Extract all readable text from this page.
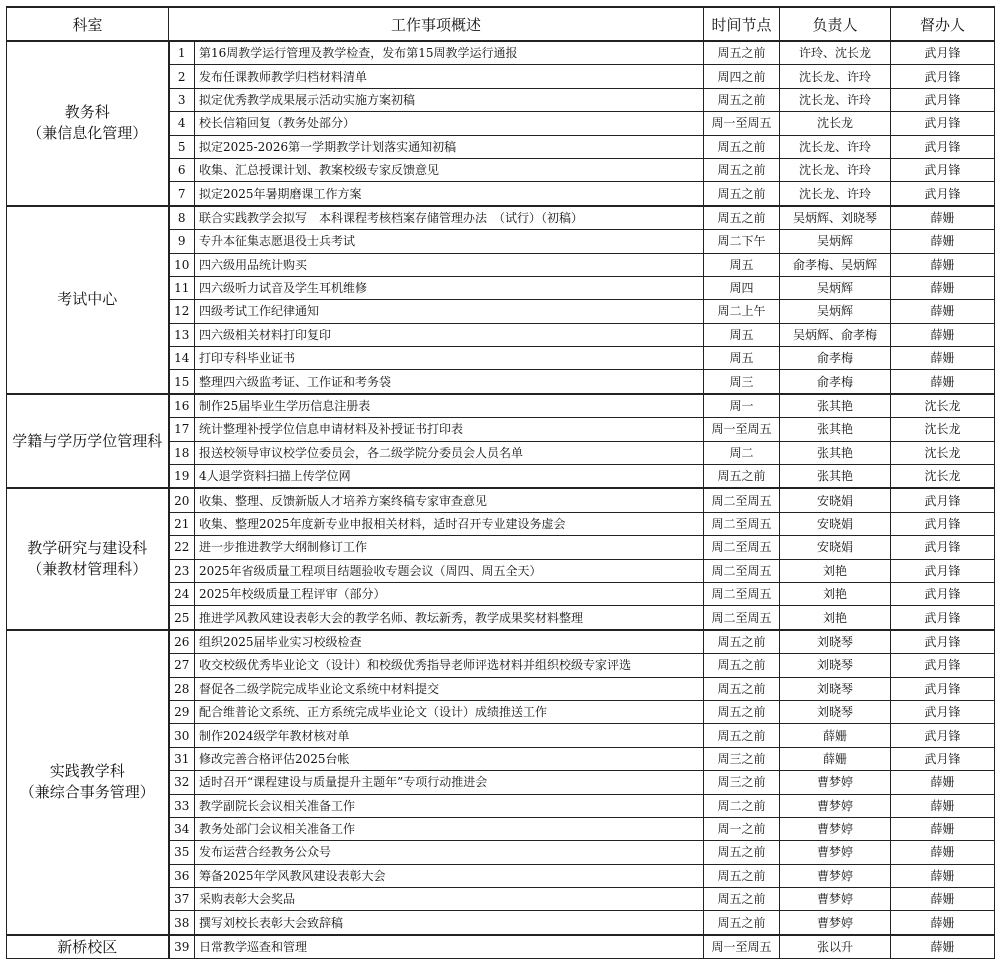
科室	工作事项概述		时间节点	负责人	督办人

教务科
（兼信息化管理）	1	第16周教学运行管理及教学检查，发布第15周教学运行通报	周五之前	许玲、沈长龙	武月锋
	2	发布任课教师教学归档材料清单	周四之前	沈长龙、许玲	武月锋
	3	拟定优秀教学成果展示活动实施方案初稿	周五之前	沈长龙、许玲	武月锋
	4	校长信箱回复（教务处部分）	周一至周五	沈长龙	武月锋
	5	拟定2025-2026第一学期教学计划落实通知初稿	周五之前	沈长龙、许玲	武月锋
	6	收集、汇总授课计划、教案校级专家反馈意见	周五之前	沈长龙、许玲	武月锋
	7	拟定2025年暑期磨课工作方案	周五之前	沈长龙、许玲	武月锋

考试中心	8	联合实践教学会拟写　本科课程考核档案存储管理办法　（试行）（初稿）	周五之前	吴炳辉、刘晓琴	薛姗
	9	专升本征集志愿退役士兵考试	周二下午	吴炳辉	薛姗
	10	四六级用品统计购买	周五	俞孝梅、吴炳辉	薛姗
	11	四六级听力试音及学生耳机维修	周四	吴炳辉	薛姗
	12	四级考试工作纪律通知	周二上午	吴炳辉	薛姗
	13	四六级相关材料打印复印	周五	吴炳辉、俞孝梅	薛姗
	14	打印专科毕业证书	周五	俞孝梅	薛姗
	15	整理四六级监考证、工作证和考务袋	周三	俞孝梅	薛姗

学籍与学历学位管理科	16	制作25届毕业生学历信息注册表	周一	张其艳	沈长龙
	17	统计整理补授学位信息申请材料及补授证书打印表	周一至周五	张其艳	沈长龙
	18	报送校领导审议校学位委员会，各二级学院分委员会人员名单	周二	张其艳	沈长龙
	19	4人退学资料扫描上传学位网	周五之前	张其艳	沈长龙

教学研究与建设科
（兼教材管理科）	20	收集、整理、反馈新版人才培养方案终稿专家审查意见	周二至周五	安晓娟	武月锋
	21	收集、整理2025年度新专业申报相关材料，适时召开专业建设务虚会	周二至周五	安晓娟	武月锋
	22	进一步推进教学大纲制修订工作	周二至周五	安晓娟	武月锋
	23	2025年省级质量工程项目结题验收专题会议（周四、周五全天）	周二至周五	刘艳	武月锋
	24	2025年校级质量工程评审（部分）	周二至周五	刘艳	武月锋
	25	推进学风教风建设表彰大会的教学名师、教坛新秀，教学成果奖材料整理	周二至周五	刘艳	武月锋

实践教学科
（兼综合事务管理）	26	组织2025届毕业实习校级检查	周五之前	刘晓琴	武月锋
	27	收交校级优秀毕业论文（设计）和校级优秀指导老师评选材料并组织校级专家评选	周五之前	刘晓琴	武月锋
	28	督促各二级学院完成毕业论文系统中材料提交	周五之前	刘晓琴	武月锋
	29	配合维普论文系统、正方系统完成毕业论文（设计）成绩推送工作	周五之前	刘晓琴	武月锋
	30	制作2024级学年教材核对单	周五之前	薛姗	武月锋
	31	修改完善合格评估2025台帐	周三之前	薛姗	武月锋
	32	适时召开“课程建设与质量提升主题年”专项行动推进会	周三之前	曹梦婷	薛姗
	33	教学副院长会议相关准备工作	周二之前	曹梦婷	薛姗
	34	教务处部门会议相关准备工作	周一之前	曹梦婷	薛姗
	35	发布运营合经教务公众号	周五之前	曹梦婷	薛姗
	36	筹备2025年学风教风建设表彰大会	周五之前	曹梦婷	薛姗
	37	采购表彰大会奖品	周五之前	曹梦婷	薛姗
	38	撰写刘校长表彰大会致辞稿	周五之前	曹梦婷	薛姗

新桥校区	39	日常教学巡查和管理	周一至周五	张以升	薛姗
